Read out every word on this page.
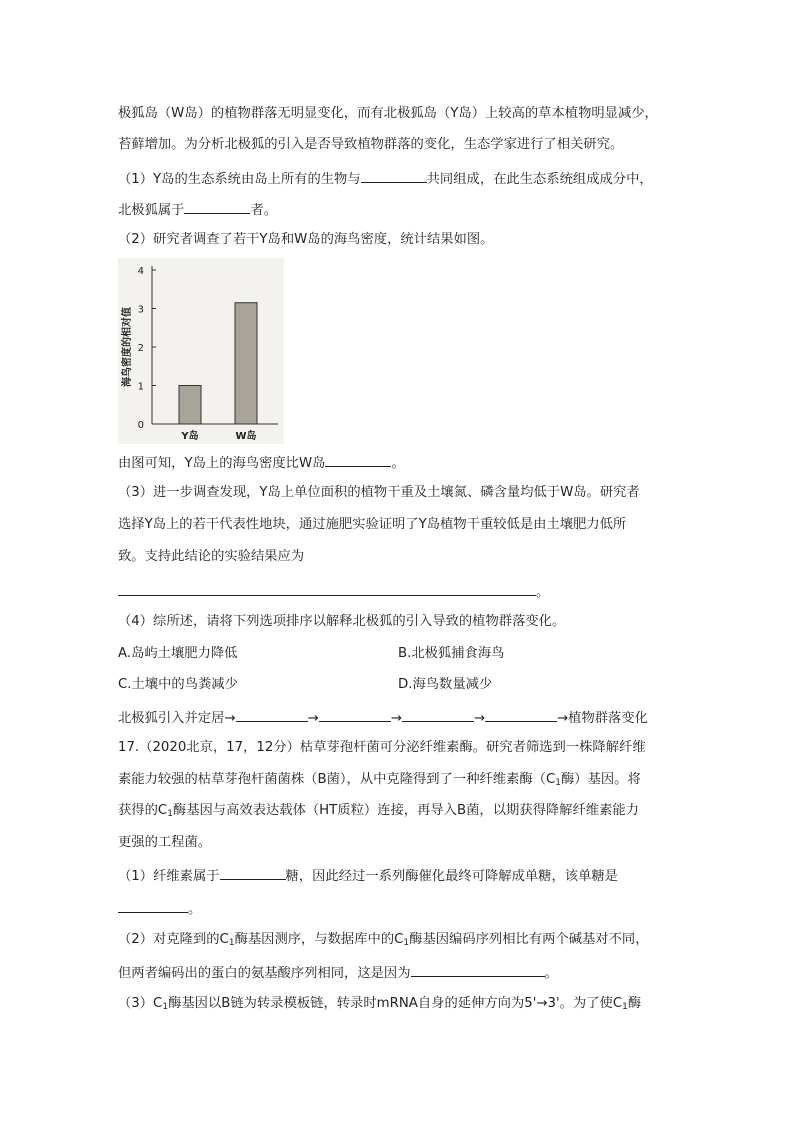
极狐岛（W岛）的植物群落无明显变化，而有北极狐岛（Y岛）上较高的草本植物明显减少，
苔藓增加。为分析北极狐的引入是否导致植物群落的变化，生态学家进行了相关研究。
（1）Y岛的生态系统由岛上所有的生物与	共同组成，在此生态系统组成成分中，
北极狐属于	者。
（2）研究者调查了若干Y岛和W岛的海鸟密度，统计结果如图。
0
1
2
3
4
海鸟密度的相对值
Y岛	W岛
由图可知，Y岛上的海鸟密度比W岛	。
（3）进一步调查发现，Y岛上单位面积的植物干重及土壤氮、磷含量均低于W岛。研究者
选择Y岛上的若干代表性地块，通过施肥实验证明了Y岛植物干重较低是由土壤肥力低所
致。支持此结论的实验结果应为
。
（4）综所述，请将下列选项排序以解释北极狐的引入导致的植物群落变化。
A.岛屿土壤肥力降低	B.北极狐捕食海鸟
C.土壤中的鸟粪减少	D.海鸟数量减少
北极狐引入并定居→	→	→	→	→植物群落变化
17.（2020北京，17，12分）枯草芽孢杆菌可分泌纤维素酶。研究者筛选到一株降解纤维
素能力较强的枯草芽孢杆菌菌株（B菌），从中克隆得到了一种纤维素酶（$C_1$酶）基因。将
获得的$C_1$酶基因与高效表达载体（HT质粒）连接，再导入B菌，以期获得降解纤维素能力
更强的工程菌。
（1）纤维素属于	糖，因此经过一系列酶催化最终可降解成单糖，该单糖是
。
（2）对克隆到的$C_1$酶基因测序，与数据库中的$C_1$酶基因编码序列相比有两个碱基对不同，
但两者编码出的蛋白的氨基酸序列相同，这是因为	。
$(3)C_1$酶基因以B链为转录模板链，转录时mRNA自身的延伸方向为5'→3'。为了使$C_1$酶
